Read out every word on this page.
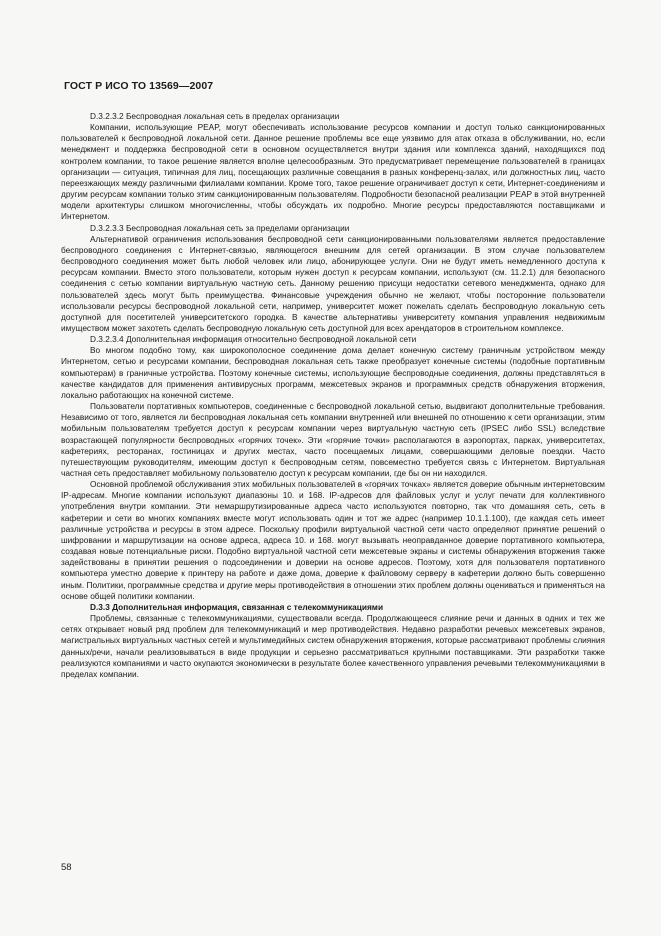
ГОСТ Р ИСО ТО 13569—2007

D.3.2.3.2 Беспроводная локальная сеть в пределах организации

Компании, использующие PEAP, могут обеспечивать использование ресурсов компании и доступ только санкционированных пользователей к беспроводной локальной сети. Данное решение проблемы все еще уязвимо для атак отказа в обслуживании, но, если менеджмент и поддержка беспроводной сети в основном осуществляется внутри здания или комплекса зданий, находящихся под контролем компании, то такое решение является вполне целесообразным. Это предусматривает перемещение пользователей в границах организации — ситуация, типичная для лиц, посещающих различные совещания в разных конференц-залах, или должностных лиц, часто переезжающих между различными филиалами компании. Кроме того, такое решение ограничивает доступ к сети, Интернет-соединениям и другим ресурсам компании только этим санкционированным пользователям. Подробности безопасной реализации PEAP в этой внутренней модели архитектуры слишком многочисленны, чтобы обсуждать их подробно. Многие ресурсы предоставляются поставщиками и Интернетом.

D.3.2.3.3 Беспроводная локальная сеть за пределами организации

Альтернативой ограничения использования беспроводной сети санкционированными пользователями является предоставление беспроводного соединения с Интернет-связью, являющегося внешним для сетей организации. В этом случае пользователем беспроводного соединения может быть любой человек или лицо, абонирующее услуги. Они не будут иметь немедленного доступа к ресурсам компании. Вместо этого пользователи, которым нужен доступ к ресурсам компании, используют (см. 11.2.1) для безопасного соединения с сетью компании виртуальную частную сеть. Данному решению присущи недостатки сетевого менеджмента, однако для пользователей здесь могут быть преимущества. Финансовые учреждения обычно не желают, чтобы посторонние пользователи использовали ресурсы беспроводной локальной сети, например, университет может пожелать сделать беспроводную локальную сеть доступной для посетителей университетского городка. В качестве альтернативы университету компания управления недвижимым имуществом может захотеть сделать беспроводную локальную сеть доступной для всех арендаторов в строительном комплексе.

D.3.2.3.4 Дополнительная информация относительно беспроводной локальной сети

Во многом подобно тому, как широкополосное соединение дома делает конечную систему граничным устройством между Интернетом, сетью и ресурсами компании, беспроводная локальная сеть также преобразует конечные системы (подобные портативным компьютерам) в граничные устройства. Поэтому конечные системы, использующие беспроводные соединения, должны представляться в качестве кандидатов для применения антивирусных программ, межсетевых экранов и программных средств обнаружения вторжения, локально работающих на конечной системе.

Пользователи портативных компьютеров, соединенные с беспроводной локальной сетью, выдвигают дополнительные требования. Независимо от того, является ли беспроводная локальная сеть компании внутренней или внешней по отношению к сети организации, этим мобильным пользователям требуется доступ к ресурсам компании через виртуальную частную сеть (IPSEC либо SSL) вследствие возрастающей популярности беспроводных «горячих точек». Эти «горячие точки» располагаются в аэропортах, парках, университетах, кафетериях, ресторанах, гостиницах и других местах, часто посещаемых лицами, совершающими деловые поездки. Часто путешествующим руководителям, имеющим доступ к беспроводным сетям, повсеместно требуется связь с Интернетом. Виртуальная частная сеть предоставляет мобильному пользователю доступ к ресурсам компании, где бы он ни находился.

Основной проблемой обслуживания этих мобильных пользователей в «горячих точках» является доверие обычным интернетовским IP-адресам. Многие компании используют диапазоны 10. и 168. IP-адресов для файловых услуг и услуг печати для коллективного употребления внутри компании. Эти немаршрутизированные адреса часто используются повторно, так что домашняя сеть, сеть в кафетерии и сети во многих компаниях вместе могут использовать один и тот же адрес (например 10.1.1.100), где каждая сеть имеет различные устройства и ресурсы в этом адресе. Поскольку профили виртуальной частной сети часто определяют принятие решений о шифровании и маршрутизации на основе адреса, адреса 10. и 168. могут вызывать неоправданное доверие портативного компьютера, создавая новые потенциальные риски. Подобно виртуальной частной сети межсетевые экраны и системы обнаружения вторжения также задействованы в принятии решения о подсоединении и доверии на основе адресов. Поэтому, хотя для пользователя портативного компьютера уместно доверие к принтеру на работе и даже дома, доверие к файловому серверу в кафетерии должно быть совершенно иным. Политики, программные средства и другие меры противодействия в отношении этих проблем должны оцениваться и применяться на основе общей политики компании.

D.3.3 Дополнительная информация, связанная с телекоммуникациями

Проблемы, связанные с телекоммуникациями, существовали всегда. Продолжающееся слияние речи и данных в одних и тех же сетях открывает новый ряд проблем для телекоммуникаций и мер противодействия. Недавно разработки речевых межсетевых экранов, магистральных виртуальных частных сетей и мультимедийных систем обнаружения вторжения, которые рассматривают проблемы слияния данных/речи, начали реализовываться в виде продукции и серьезно рассматриваться крупными поставщиками. Эти разработки также реализуются компаниями и часто окупаются экономически в результате более качественного управления речевыми телекоммуникациями в пределах компании.

58
